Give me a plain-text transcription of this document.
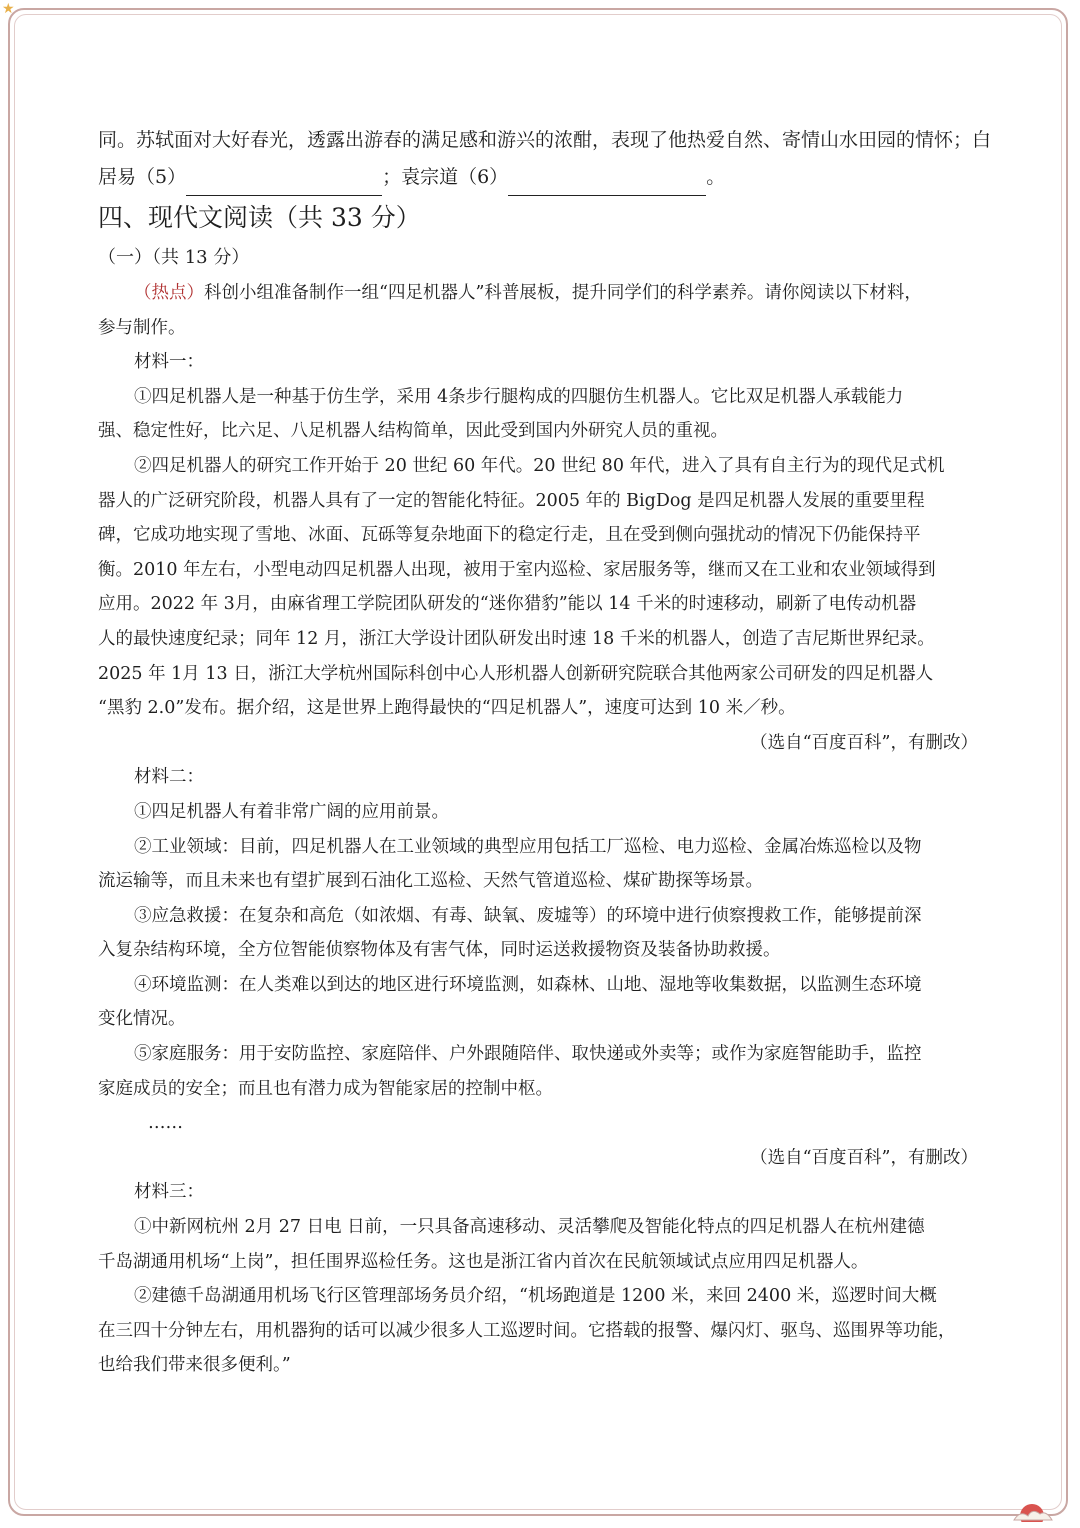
★
同。苏轼面对大好春光，透露出游春的满足感和游兴的浓酣，表现了他热爱自然、寄情山水田园的情怀；白
居易（5）	；袁宗道（6）	。
四、现代文阅读（共 33 分）
（一）（共 13 分）
（热点）科创小组准备制作一组“四足机器人”科普展板，提升同学们的科学素养。请你阅读以下材料，
参与制作。
材料一：
①四足机器人是一种基于仿生学，采用 4条步行腿构成的四腿仿生机器人。它比双足机器人承载能力
强、稳定性好，比六足、八足机器人结构简单，因此受到国内外研究人员的重视。
②四足机器人的研究工作开始于 20 世纪 60 年代。20 世纪 80 年代，进入了具有自主行为的现代足式机
器人的广泛研究阶段，机器人具有了一定的智能化特征。2005 年的 BigDog 是四足机器人发展的重要里程
碑，它成功地实现了雪地、冰面、瓦砾等复杂地面下的稳定行走，且在受到侧向强扰动的情况下仍能保持平
衡。2010 年左右，小型电动四足机器人出现，被用于室内巡检、家居服务等，继而又在工业和农业领域得到
应用。2022 年 3月，由麻省理工学院团队研发的“迷你猎豹”能以 14 千米的时速移动，刷新了电传动机器
人的最快速度纪录；同年 12 月，浙江大学设计团队研发出时速 18 千米的机器人，创造了吉尼斯世界纪录。
2025 年 1月 13 日，浙江大学杭州国际科创中心人形机器人创新研究院联合其他两家公司研发的四足机器人
“黑豹 2.0”发布。据介绍，这是世界上跑得最快的“四足机器人”，速度可达到 10 米／秒。
（选自“百度百科”，有删改）
材料二：
①四足机器人有着非常广阔的应用前景。
②工业领域：目前，四足机器人在工业领域的典型应用包括工厂巡检、电力巡检、金属冶炼巡检以及物
流运输等，而且未来也有望扩展到石油化工巡检、天然气管道巡检、煤矿勘探等场景。
③应急救援：在复杂和高危（如浓烟、有毒、缺氧、废墟等）的环境中进行侦察搜救工作，能够提前深
入复杂结构环境，全方位智能侦察物体及有害气体，同时运送救援物资及装备协助救援。
④环境监测：在人类难以到达的地区进行环境监测，如森林、山地、湿地等收集数据，以监测生态环境
变化情况。
⑤家庭服务：用于安防监控、家庭陪伴、户外跟随陪伴、取快递或外卖等；或作为家庭智能助手，监控
家庭成员的安全；而且也有潜力成为智能家居的控制中枢。
……
（选自“百度百科”，有删改）
材料三：
①中新网杭州 2月 27 日电 日前，一只具备高速移动、灵活攀爬及智能化特点的四足机器人在杭州建德
千岛湖通用机场“上岗”，担任围界巡检任务。这也是浙江省内首次在民航领域试点应用四足机器人。
②建德千岛湖通用机场飞行区管理部场务员介绍，“机场跑道是 1200 米，来回 2400 米，巡逻时间大概
在三四十分钟左右，用机器狗的话可以减少很多人工巡逻时间。它搭载的报警、爆闪灯、驱鸟、巡围界等功能，
也给我们带来很多便利。”
